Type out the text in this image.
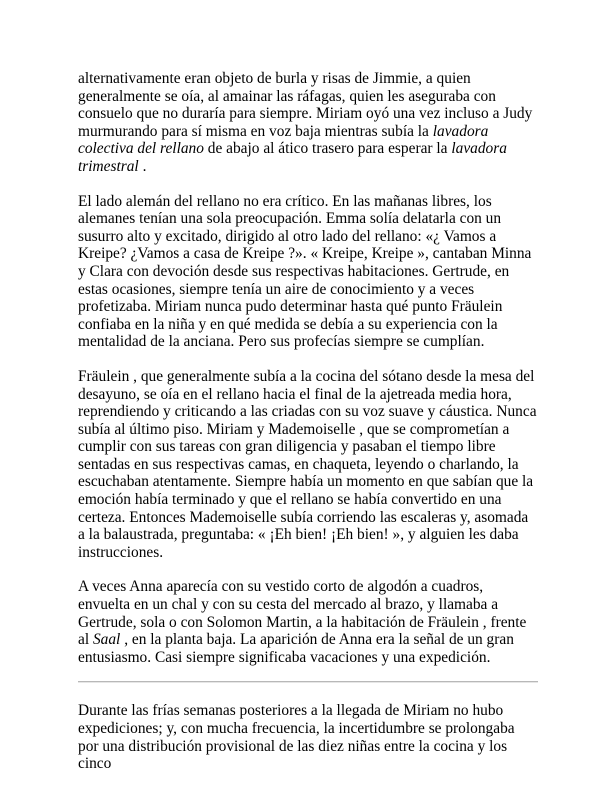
alternativamente eran objeto de burla y risas de Jimmie, a quien generalmente se oía, al amainar las ráfagas, quien les aseguraba con consuelo que no duraría para siempre. Miriam oyó una vez incluso a Judy murmurando para sí misma en voz baja mientras subía la lavadora colectiva del rellano de abajo al ático trasero para esperar la lavadora trimestral .

El lado alemán del rellano no era crítico. En las mañanas libres, los alemanes tenían una sola preocupación. Emma solía delatarla con un susurro alto y excitado, dirigido al otro lado del rellano: «¿ Vamos a Kreipe? ¿Vamos a casa de Kreipe ?». « Kreipe, Kreipe », cantaban Minna y Clara con devoción desde sus respectivas habitaciones. Gertrude, en estas ocasiones, siempre tenía un aire de conocimiento y a veces profetizaba. Miriam nunca pudo determinar hasta qué punto Fräulein confiaba en la niña y en qué medida se debía a su experiencia con la mentalidad de la anciana. Pero sus profecías siempre se cumplían.

Fräulein , que generalmente subía a la cocina del sótano desde la mesa del desayuno, se oía en el rellano hacia el final de la ajetreada media hora, reprendiendo y criticando a las criadas con su voz suave y cáustica. Nunca subía al último piso. Miriam y Mademoiselle , que se comprometían a cumplir con sus tareas con gran diligencia y pasaban el tiempo libre sentadas en sus respectivas camas, en chaqueta, leyendo o charlando, la escuchaban atentamente. Siempre había un momento en que sabían que la emoción había terminado y que el rellano se había convertido en una certeza. Entonces Mademoiselle subía corriendo las escaleras y, asomada a la balaustrada, preguntaba: « ¡Eh bien! ¡Eh bien! », y alguien les daba instrucciones.

A veces Anna aparecía con su vestido corto de algodón a cuadros, envuelta en un chal y con su cesta del mercado al brazo, y llamaba a Gertrude, sola o con Solomon Martin, a la habitación de Fräulein , frente al Saal , en la planta baja. La aparición de Anna era la señal de un gran entusiasmo. Casi siempre significaba vacaciones y una expedición.

Durante las frías semanas posteriores a la llegada de Miriam no hubo expediciones; y, con mucha frecuencia, la incertidumbre se prolongaba por una distribución provisional de las diez niñas entre la cocina y los cinco
